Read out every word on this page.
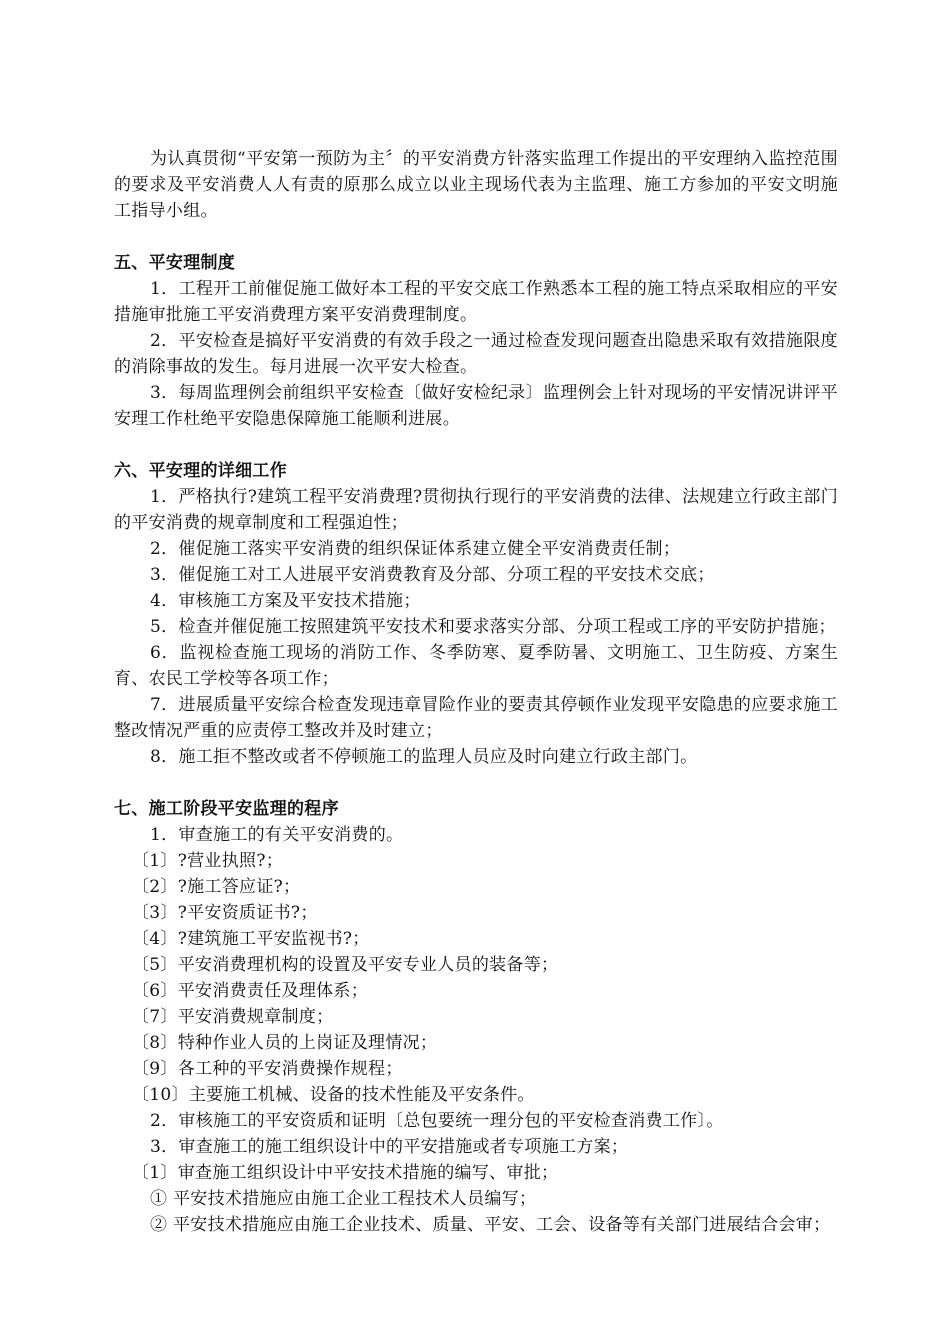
为认真贯彻“平安第一预防为主〞的平安消费方针落实监理工作提出的平安理纳入监控范围的要求及平安消费人人有责的原那么成立以业主现场代表为主监理、施工方参加的平安文明施工指导小组。

五、平安理制度

1．工程开工前催促施工做好本工程的平安交底工作熟悉本工程的施工特点采取相应的平安措施审批施工平安消费理方案平安消费理制度。

2．平安检查是搞好平安消费的有效手段之一通过检查发现问题查出隐患采取有效措施限度的消除事故的发生。每月进展一次平安大检查。

3．每周监理例会前组织平安检查〔做好安检纪录〕监理例会上针对现场的平安情况讲评平安理工作杜绝平安隐患保障施工能顺利进展。

六、平安理的详细工作

1．严格执行?建筑工程平安消费理?贯彻执行现行的平安消费的法律、法规建立行政主部门的平安消费的规章制度和工程强迫性；

2．催促施工落实平安消费的组织保证体系建立健全平安消费责任制；

3．催促施工对工人进展平安消费教育及分部、分项工程的平安技术交底；

4．审核施工方案及平安技术措施；

5．检查并催促施工按照建筑平安技术和要求落实分部、分项工程或工序的平安防护措施；

6．监视检查施工现场的消防工作、冬季防寒、夏季防暑、文明施工、卫生防疫、方案生育、农民工学校等各项工作；

7．进展质量平安综合检查发现违章冒险作业的要责其停顿作业发现平安隐患的应要求施工整改情况严重的应责停工整改并及时建立；

8．施工拒不整改或者不停顿施工的监理人员应及时向建立行政主部门。

七、施工阶段平安监理的程序

1．审查施工的有关平安消费的。

〔1〕?营业执照?；

〔2〕?施工答应证?；

〔3〕?平安资质证书?；

〔4〕?建筑施工平安监视书?；

〔5〕平安消费理机构的设置及平安专业人员的装备等；

〔6〕平安消费责任及理体系；

〔7〕平安消费规章制度；

〔8〕特种作业人员的上岗证及理情况；

〔9〕各工种的平安消费操作规程；

〔10〕主要施工机械、设备的技术性能及平安条件。

2．审核施工的平安资质和证明〔总包要统一理分包的平安检查消费工作〕。

3．审查施工的施工组织设计中的平安措施或者专项施工方案；

〔1〕审查施工组织设计中平安技术措施的编写、审批；

① 平安技术措施应由施工企业工程技术人员编写；

② 平安技术措施应由施工企业技术、质量、平安、工会、设备等有关部门进展结合会审；
